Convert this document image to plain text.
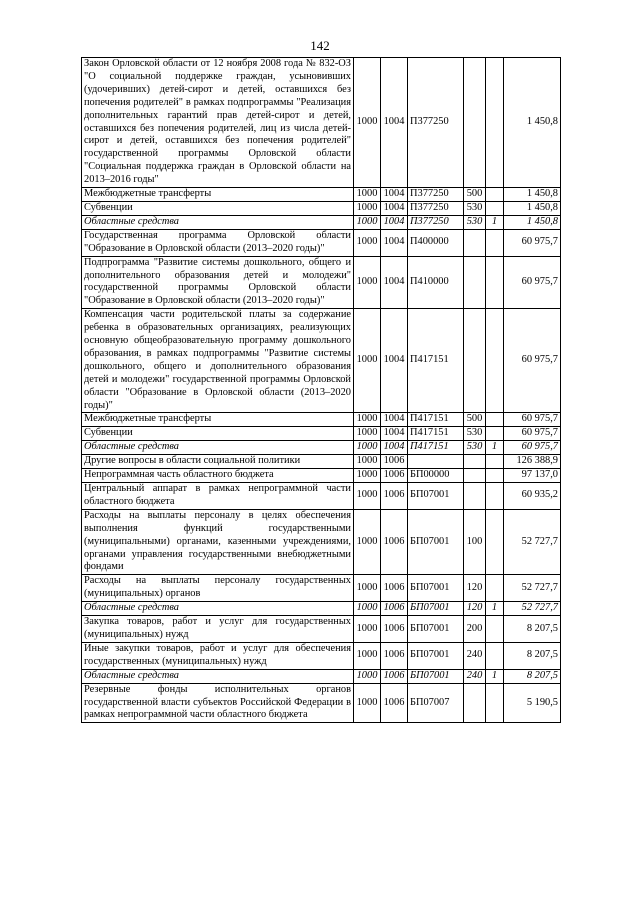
142
Закон Орловской области от 12 ноября 2008 года № 832-ОЗ "О социальной поддержке граждан, усыновивших (удочеривших) детей-сирот и детей, оставшихся без попечения родителей" в рамках подпрограммы "Реализация дополнительных гарантий прав детей-сирот и детей, оставшихся без попечения родителей, лиц из числа детей-сирот и детей, оставшихся без попечения родителей" государственной программы Орловской области "Социальная поддержка граждан в Орловской области на 2013–2016 годы"	1000	1004	П377250			1 450,8
Межбюджетные трансферты	1000	1004	П377250	500		1 450,8
Субвенции	1000	1004	П377250	530		1 450,8
Областные средства	1000	1004	П377250	530	1	1 450,8
Государственная программа Орловской области "Образование в Орловской области (2013–2020 годы)"	1000	1004	П400000			60 975,7
Подпрограмма "Развитие системы дошкольного, общего и дополнительного образования детей и молодежи" государственной программы Орловской области "Образование в Орловской области (2013–2020 годы)"	1000	1004	П410000			60 975,7
Компенсация части родительской платы за содержание ребенка в образовательных организациях, реализующих основную общеобразовательную программу дошкольного образования, в рамках подпрограммы "Развитие системы дошкольного, общего и дополнительного образования детей и молодежи" государственной программы Орловской области "Образование в Орловской области (2013–2020 годы)"	1000	1004	П417151			60 975,7
Межбюджетные трансферты	1000	1004	П417151	500		60 975,7
Субвенции	1000	1004	П417151	530		60 975,7
Областные средства	1000	1004	П417151	530	1	60 975,7
Другие вопросы в области социальной политики	1000	1006				126 388,9
Непрограммная часть областного бюджета	1000	1006	БП00000			97 137,0
Центральный аппарат в рамках непрограммной части областного бюджета	1000	1006	БП07001			60 935,2
Расходы на выплаты персоналу в целях обеспечения выполнения функций государственными (муниципальными) органами, казенными учреждениями, органами управления государственными внебюджетными фондами	1000	1006	БП07001	100		52 727,7
Расходы на выплаты персоналу государственных (муниципальных) органов	1000	1006	БП07001	120		52 727,7
Областные средства	1000	1006	БП07001	120	1	52 727,7
Закупка товаров, работ и услуг для государственных (муниципальных) нужд	1000	1006	БП07001	200		8 207,5
Иные закупки товаров, работ и услуг для обеспечения государственных (муниципальных) нужд	1000	1006	БП07001	240		8 207,5
Областные средства	1000	1006	БП07001	240	1	8 207,5
Резервные фонды исполнительных органов государственной власти субъектов Российской Федерации в рамках непрограммной части областного бюджета	1000	1006	БП07007			5 190,5
